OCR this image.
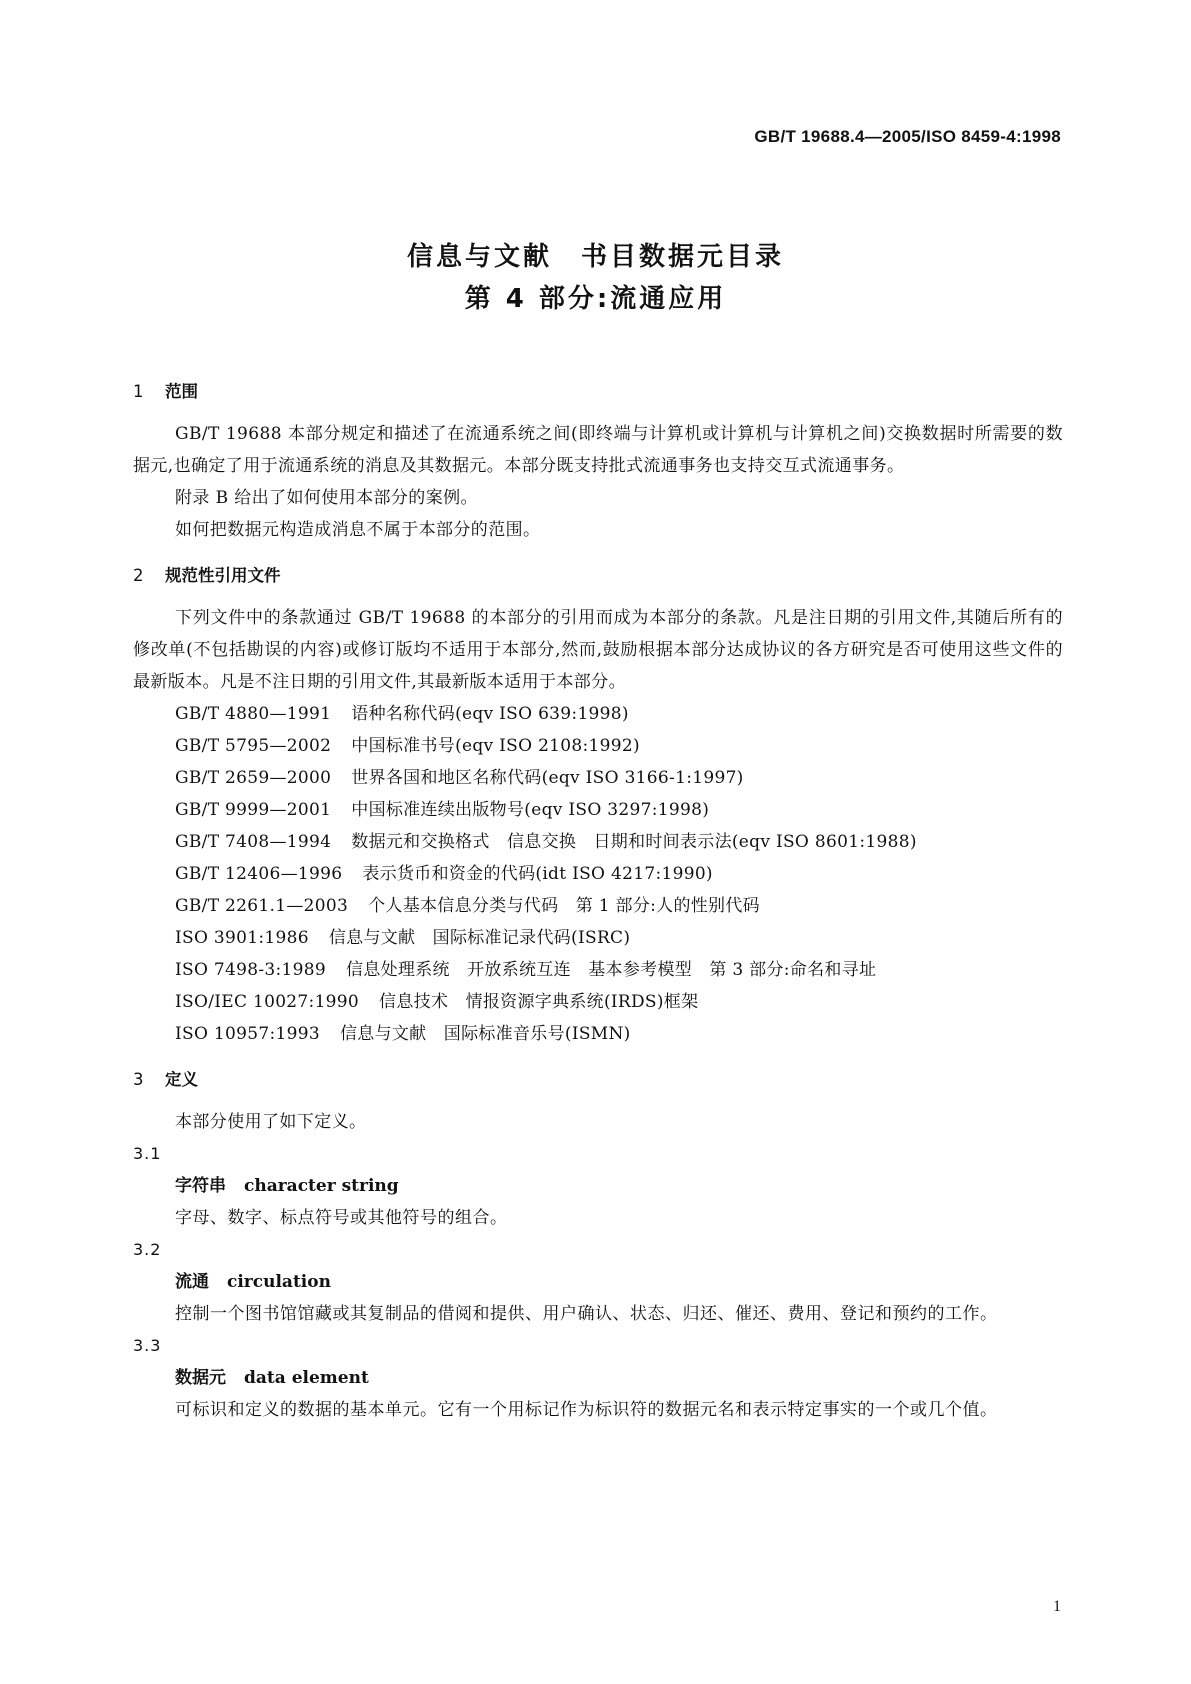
GB/T 19688.4—2005/ISO 8459-4:1998
信息与文献　书目数据元目录
第 4 部分:流通应用
1 范围
GB/T 19688 本部分规定和描述了在流通系统之间(即终端与计算机或计算机与计算机之间)交换数据时所需要的数据元,也确定了用于流通系统的消息及其数据元。本部分既支持批式流通事务也支持交互式流通事务。
附录 B 给出了如何使用本部分的案例。
如何把数据元构造成消息不属于本部分的范围。
2 规范性引用文件
下列文件中的条款通过 GB/T 19688 的本部分的引用而成为本部分的条款。凡是注日期的引用文件,其随后所有的修改单(不包括勘误的内容)或修订版均不适用于本部分,然而,鼓励根据本部分达成协议的各方研究是否可使用这些文件的最新版本。凡是不注日期的引用文件,其最新版本适用于本部分。
GB/T 4880—1991 语种名称代码(eqv ISO 639:1998)
GB/T 5795—2002 中国标准书号(eqv ISO 2108:1992)
GB/T 2659—2000 世界各国和地区名称代码(eqv ISO 3166-1:1997)
GB/T 9999—2001 中国标准连续出版物号(eqv ISO 3297:1998)
GB/T 7408—1994 数据元和交换格式　信息交换　日期和时间表示法(eqv ISO 8601:1988)
GB/T 12406—1996 表示货币和资金的代码(idt ISO 4217:1990)
GB/T 2261.1—2003 个人基本信息分类与代码　第 1 部分:人的性别代码
ISO 3901:1986 信息与文献　国际标准记录代码(ISRC)
ISO 7498-3:1989 信息处理系统　开放系统互连　基本参考模型　第 3 部分:命名和寻址
ISO/IEC 10027:1990 信息技术　情报资源字典系统(IRDS)框架
ISO 10957:1993 信息与文献　国际标准音乐号(ISMN)
3 定义
本部分使用了如下定义。
3.1
字符串 character string
字母、数字、标点符号或其他符号的组合。
3.2
流通 circulation
控制一个图书馆馆藏或其复制品的借阅和提供、用户确认、状态、归还、催还、费用、登记和预约的工作。
3.3
数据元 data element
可标识和定义的数据的基本单元。它有一个用标记作为标识符的数据元名和表示特定事实的一个或几个值。
1
